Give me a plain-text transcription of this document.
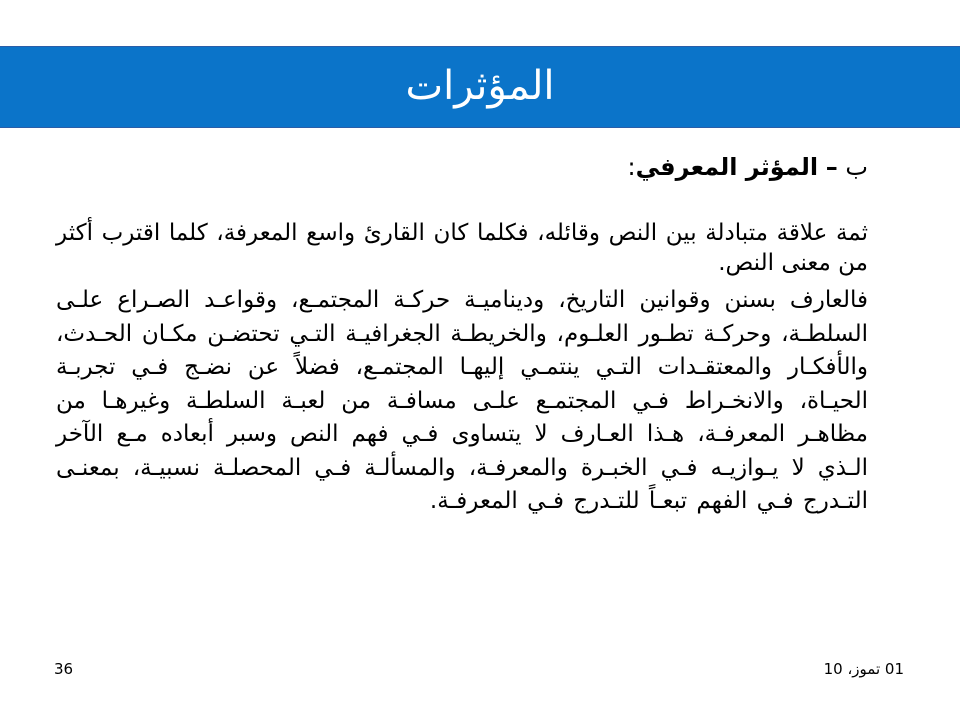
المؤثرات

ب – المؤثر المعرفي:

ثمة علاقة متبادلة بين النص وقائله، فكلما كان القارئ واسع المعرفة، كلما اقترب أكثر من معنى النص.

فالعارف بسنن وقوانين التاريخ، وديناميـة حركـة المجتمـع، وقواعـد الصـراع علـى السلطـة، وحركـة تطـور العلـوم، والخريطـة الجغرافيـة التـي تحتضـن مكـان الحـدث، والأفكـار والمعتقـدات التـي ينتمـي إليهـا المجتمـع، فضلاً عن نضـج فـي تجربـة الحيـاة، والانخـراط فـي المجتمـع علـى مسافـة من لعبـة السلطـة وغيرهـا من مظاهـر المعرفـة، هـذا العـارف لا يتساوى فـي فهم النص وسبر أبعاده مـع الآخر الـذي لا يـوازيـه فـي الخبـرة والمعرفـة، والمسألـة فـي المحصلـة نسبيـة، بمعنـى التـدرج فـي الفهم تبعـاً للتـدرج فـي المعرفـة.

01 تموز، 10
36
